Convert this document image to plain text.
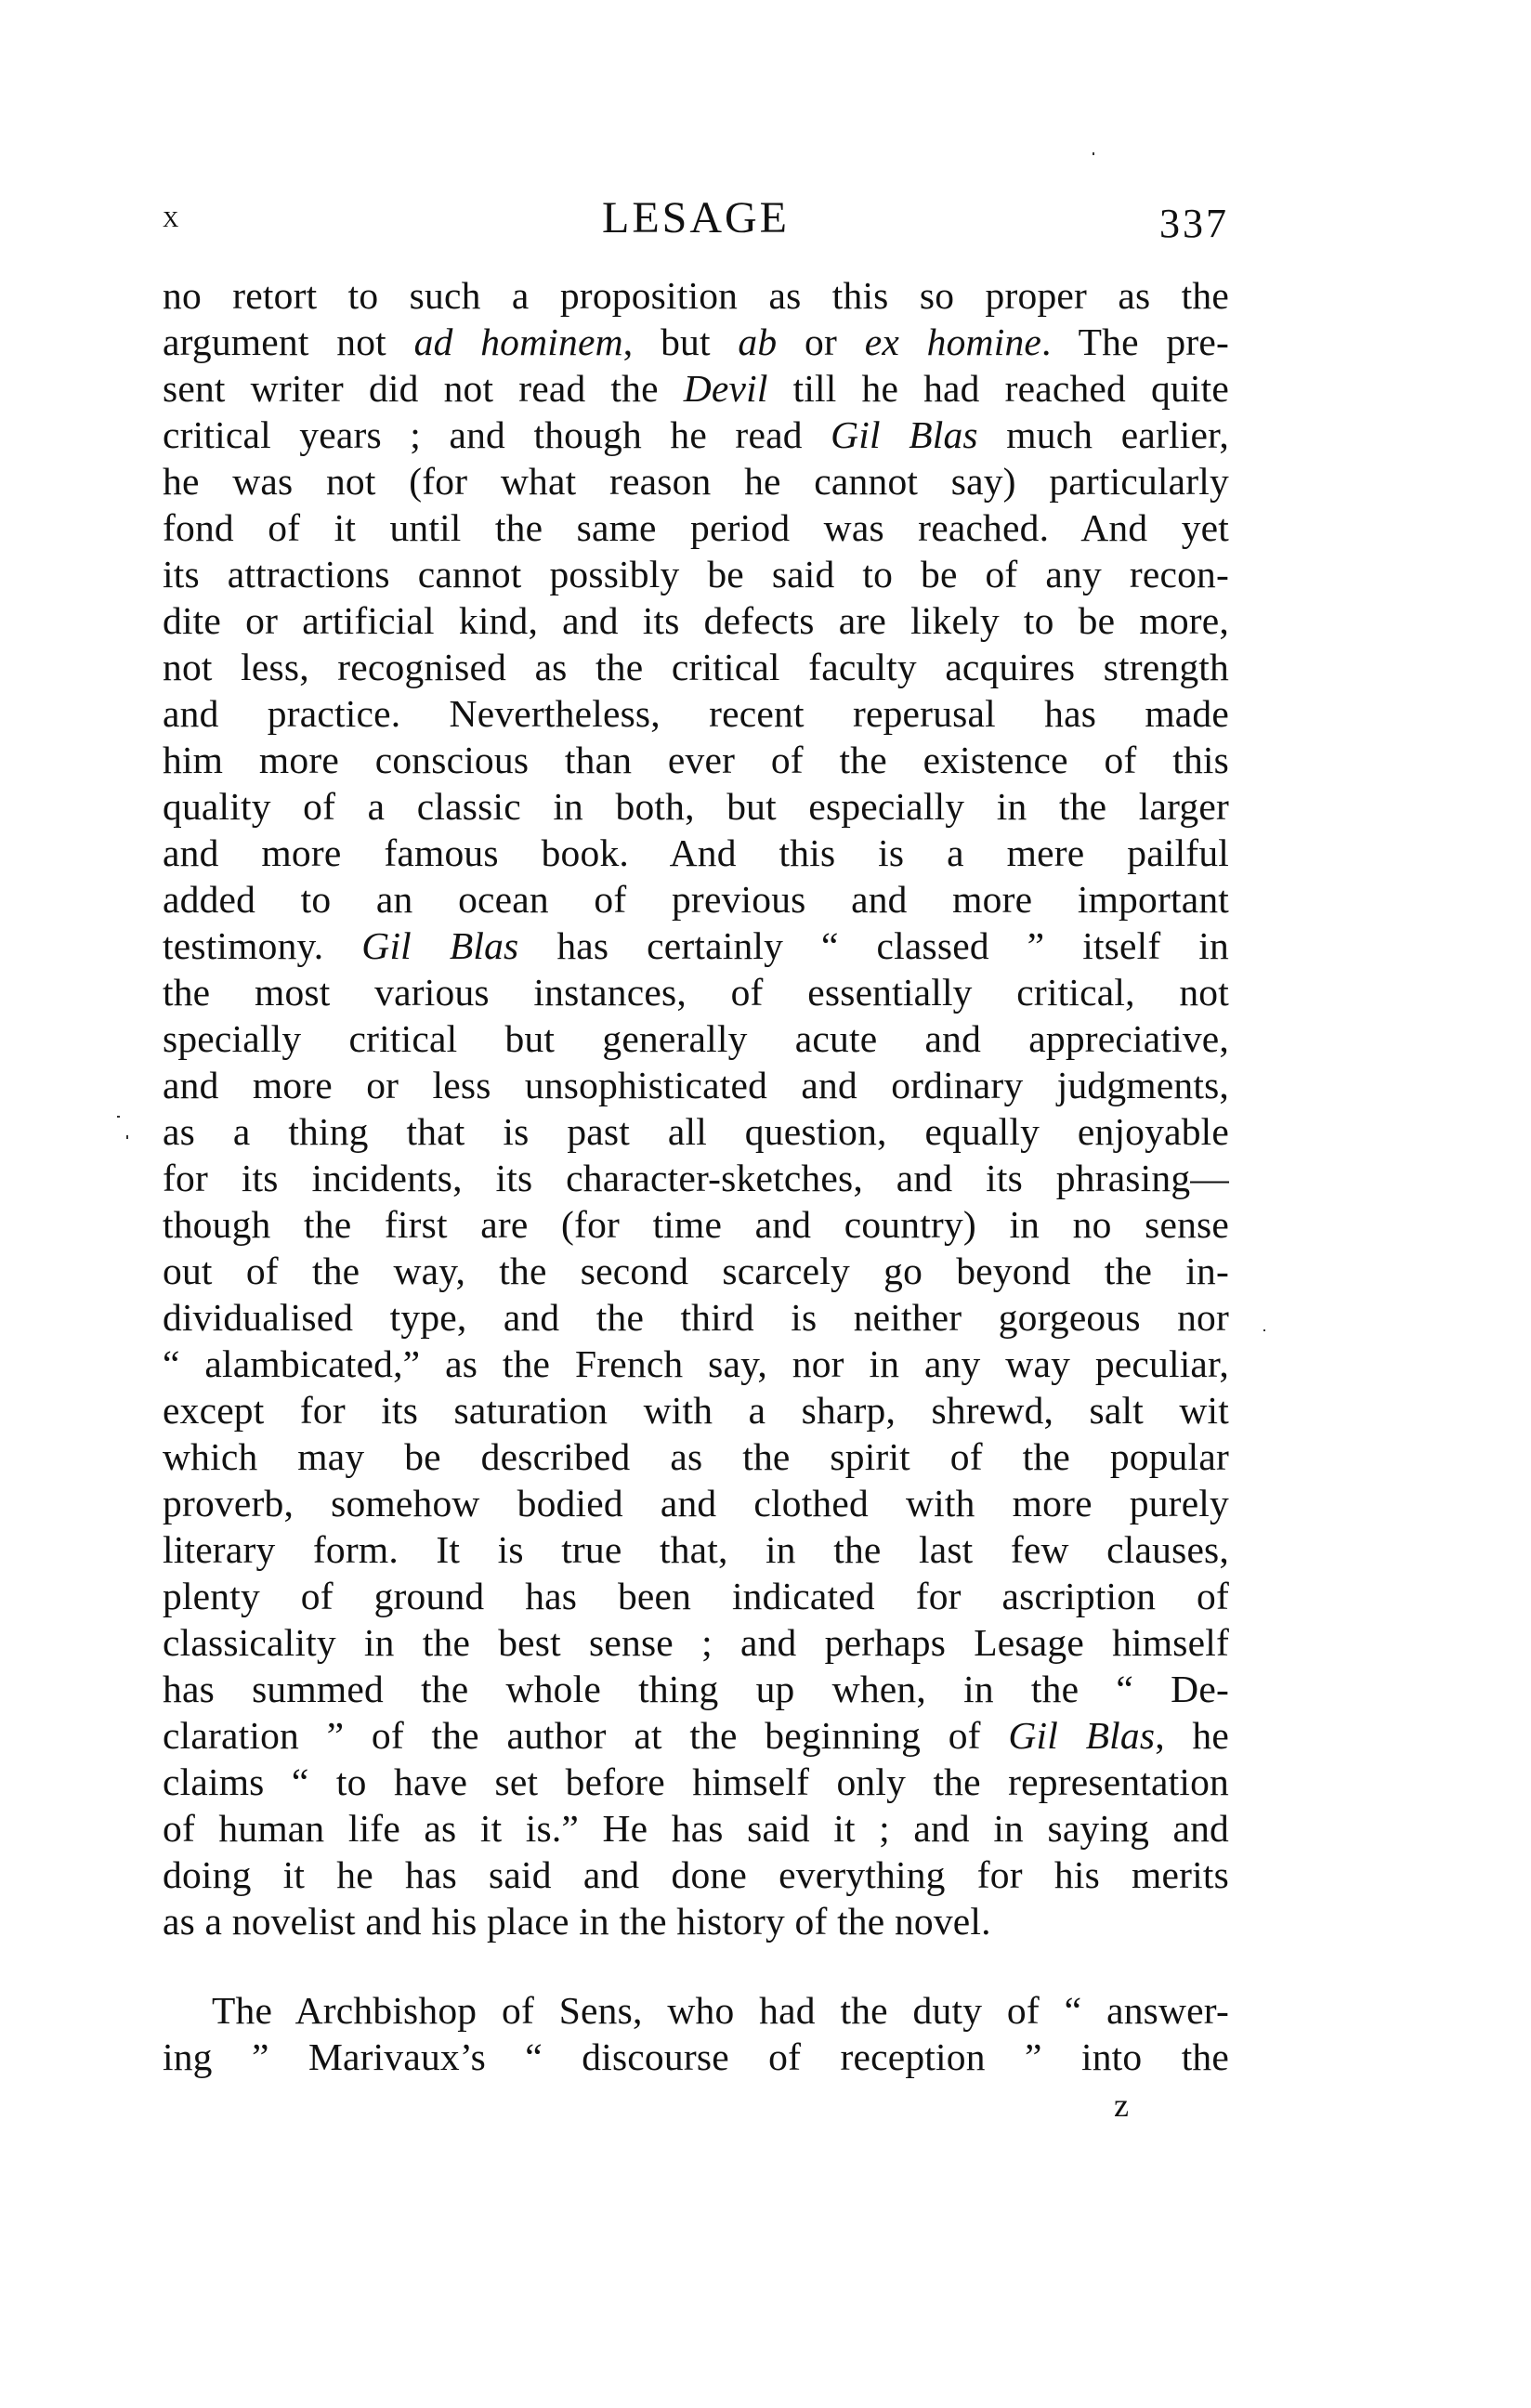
x	LESAGE	337
no retort to such a proposition as this so proper as the
argument not ad hominem, but ab or ex homine. The pre-
sent writer did not read the Devil till he had reached quite
critical years ; and though he read Gil Blas much earlier,
he was not (for what reason he cannot say) particularly
fond of it until the same period was reached. And yet
its attractions cannot possibly be said to be of any recon-
dite or artificial kind, and its defects are likely to be more,
not less, recognised as the critical faculty acquires strength
and practice. Nevertheless, recent reperusal has made
him more conscious than ever of the existence of this
quality of a classic in both, but especially in the larger
and more famous book. And this is a mere pailful
added to an ocean of previous and more important
testimony. Gil Blas has certainly “ classed ” itself in
the most various instances, of essentially critical, not
specially critical but generally acute and appreciative,
and more or less unsophisticated and ordinary judgments,
as a thing that is past all question, equally enjoyable
for its incidents, its character-sketches, and its phrasing—
though the first are (for time and country) in no sense
out of the way, the second scarcely go beyond the in-
dividualised type, and the third is neither gorgeous nor
“ alambicated,” as the French say, nor in any way peculiar,
except for its saturation with a sharp, shrewd, salt wit
which may be described as the spirit of the popular
proverb, somehow bodied and clothed with more purely
literary form. It is true that, in the last few clauses,
plenty of ground has been indicated for ascription of
classicality in the best sense ; and perhaps Lesage himself
has summed the whole thing up when, in the “ De-
claration ” of the author at the beginning of Gil Blas, he
claims “ to have set before himself only the representation
of human life as it is.” He has said it ; and in saying and
doing it he has said and done everything for his merits
as a novelist and his place in the history of the novel.
The Archbishop of Sens, who had the duty of “ answer-
ing ” Marivaux’s “ discourse of reception ” into the
z
